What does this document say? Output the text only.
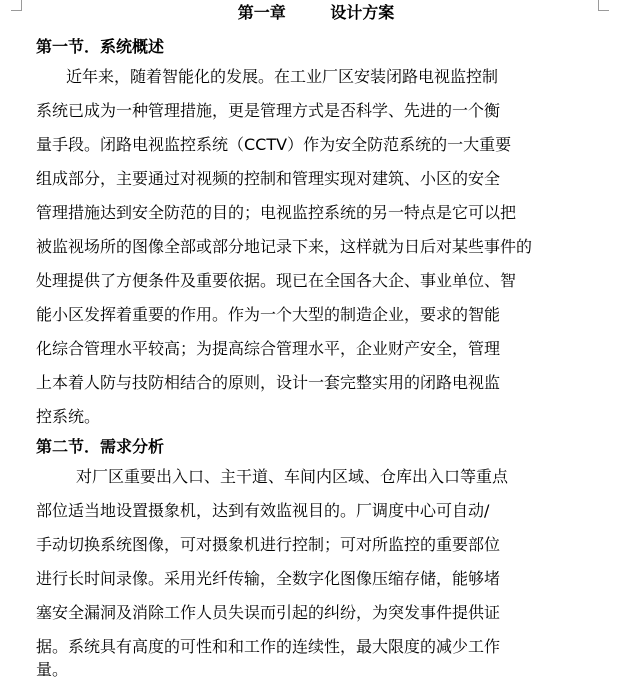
第一章        设计方案
第一节．系统概述
近年来，随着智能化的发展。在工业厂区安装闭路电视监控制
系统已成为一种管理措施，更是管理方式是否科学、先进的一个衡
量手段。闭路电视监控系统（CCTV）作为安全防范系统的一大重要
组成部分，主要通过对视频的控制和管理实现对建筑、小区的安全
管理措施达到安全防范的目的；电视监控系统的另一特点是它可以把
被监视场所的图像全部或部分地记录下来，这样就为日后对某些事件的
处理提供了方便条件及重要依据。现已在全国各大企、事业单位、智
能小区发挥着重要的作用。作为一个大型的制造企业，要求的智能
化综合管理水平较高；为提高综合管理水平，企业财产安全，管理
上本着人防与技防相结合的原则，设计一套完整实用的闭路电视监
控系统。
第二节．需求分析
对厂区重要出入口、主干道、车间内区域、仓库出入口等重点
部位适当地设置摄象机，达到有效监视目的。厂调度中心可自动/
手动切换系统图像，可对摄象机进行控制；可对所监控的重要部位
进行长时间录像。采用光纤传输，全数字化图像压缩存储，能够堵
塞安全漏洞及消除工作人员失误而引起的纠纷，为突发事件提供证
据。系统具有高度的可性和和工作的连续性，最大限度的减少工作
量。
